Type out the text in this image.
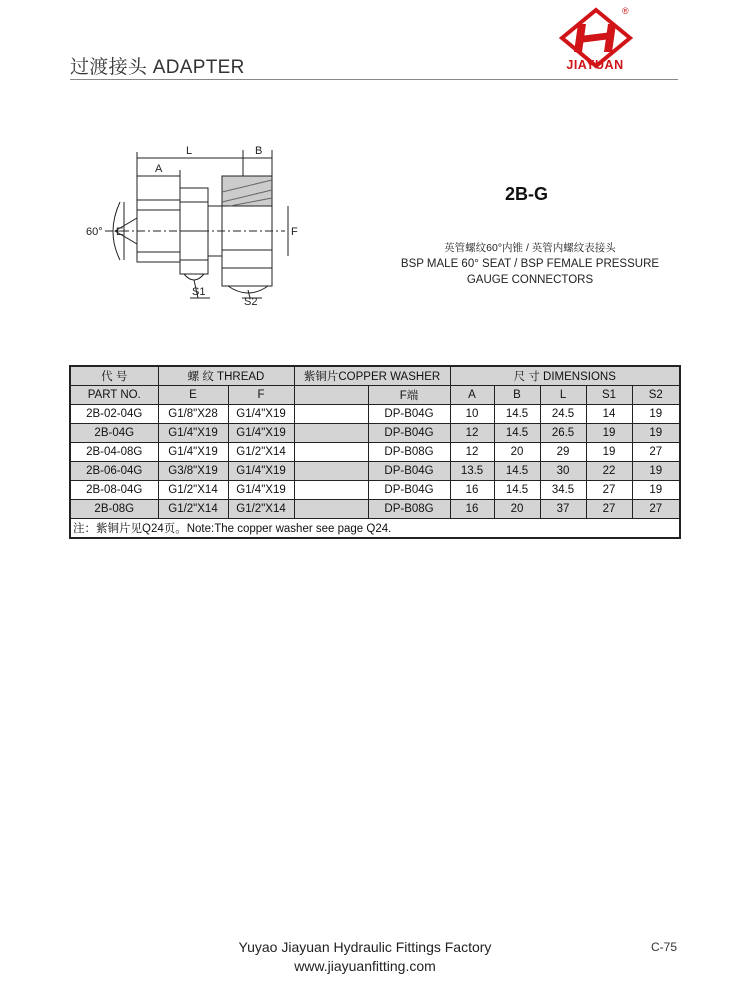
过渡接头 ADAPTER
®
JIAYUAN
L	B
A
60° E	F
S1
S2
2B-G
英管螺纹60°内锥 / 英管内螺纹表接头
BSP MALE 60° SEAT / BSP FEMALE PRESSURE
GAUGE CONNECTORS
代 号	螺 纹 THREAD		紫铜片COPPER WASHER		尺 寸 DIMENSIONS				
PART NO.	E	F		F端	A	B	L	S1	S2
2B-02-04G	G1/8"X28	G1/4"X19		DP-B04G	10	14.5	24.5	14	19
2B-04G	G1/4"X19	G1/4"X19		DP-B04G	12	14.5	26.5	19	19
2B-04-08G	G1/4"X19	G1/2"X14		DP-B08G	12	20	29	19	27
2B-06-04G	G3/8"X19	G1/4"X19		DP-B04G	13.5	14.5	30	22	19
2B-08-04G	G1/2"X14	G1/4"X19		DP-B04G	16	14.5	34.5	27	19
2B-08G	G1/2"X14	G1/2"X14		DP-B08G	16	20	37	27	27
注：紫铜片见Q24页。Note:The copper washer see page Q24.									
Yuyao Jiayuan Hydraulic Fittings Factory
www.jiayuanfitting.com
C-75
